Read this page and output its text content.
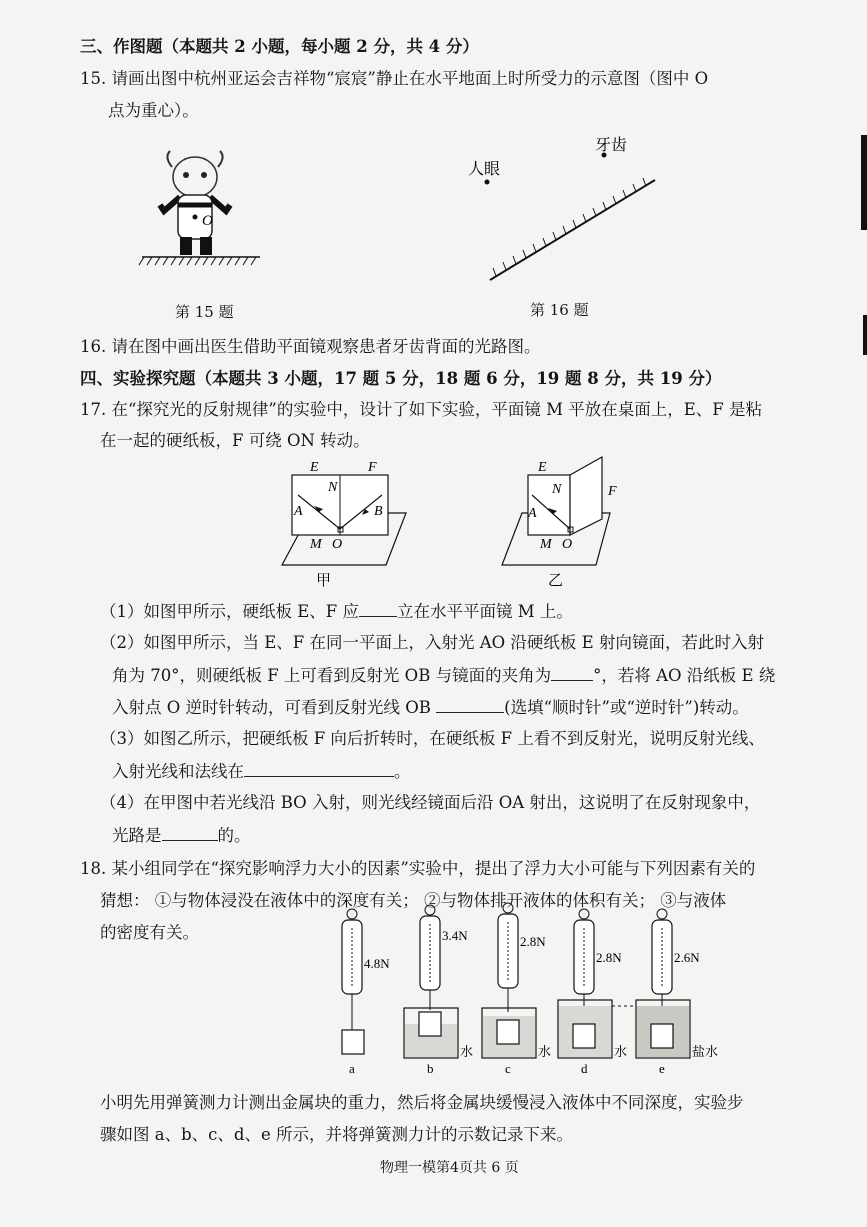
三、作图题（本题共 2 小题，每小题 2 分，共 4 分）
15. 请画出图中杭州亚运会吉祥物“宸宸”静止在水平地面上时所受力的示意图（图中 O
点为重心）。
O
第 15 题
人眼
牙齿
第 16 题
16. 请在图中画出医生借助平面镜观察患者牙齿背面的光路图。
四、实验探究题（本题共 3 小题，17 题 5 分，18 题 6 分，19 题 8 分，共 19 分）
17. 在“探究光的反射规律”的实验中，设计了如下实验，平面镜 M 平放在桌面上，E、F 是粘
在一起的硬纸板，F 可绕 ON 转动。
E	F
N
A	B
M O
甲
E
F
N
A
M O
乙
（1）如图甲所示，硬纸板 E、F 应 立在水平平面镜 M 上。
（2）如图甲所示，当 E、F 在同一平面上，入射光 AO 沿硬纸板 E 射向镜面，若此时入射
角为 70°，则硬纸板 F 上可看到反射光 OB 与镜面的夹角为	°，若将 AO 沿纸板 E 绕
入射点 O 逆时针转动，可看到反射光线 OB	(选填“顺时针”或“逆时针”)转动。
（3）如图乙所示，把硬纸板 F 向后折转时，在硬纸板 F 上看不到反射光，说明反射光线、
入射光线和法线在	。
（4）在甲图中若光线沿 BO 入射，则光线经镜面后沿 OA 射出，这说明了在反射现象中，
光路是	的。
18. 某小组同学在“探究影响浮力大小的因素”实验中，提出了浮力大小可能与下列因素有关的
猜想： ①与物体浸没在液体中的深度有关； ②与物体排开液体的体积有关； ③与液体
的密度有关。
4.8N
a
3.4N
水
b
2.8N
水
c
2.8N
水
d
2.6N
盐水
e
小明先用弹簧测力计测出金属块的重力，然后将金属块缓慢浸入液体中不同深度，实验步
骤如图 a、b、c、d、e 所示，并将弹簧测力计的示数记录下来。
物理一模第4页共 6 页
